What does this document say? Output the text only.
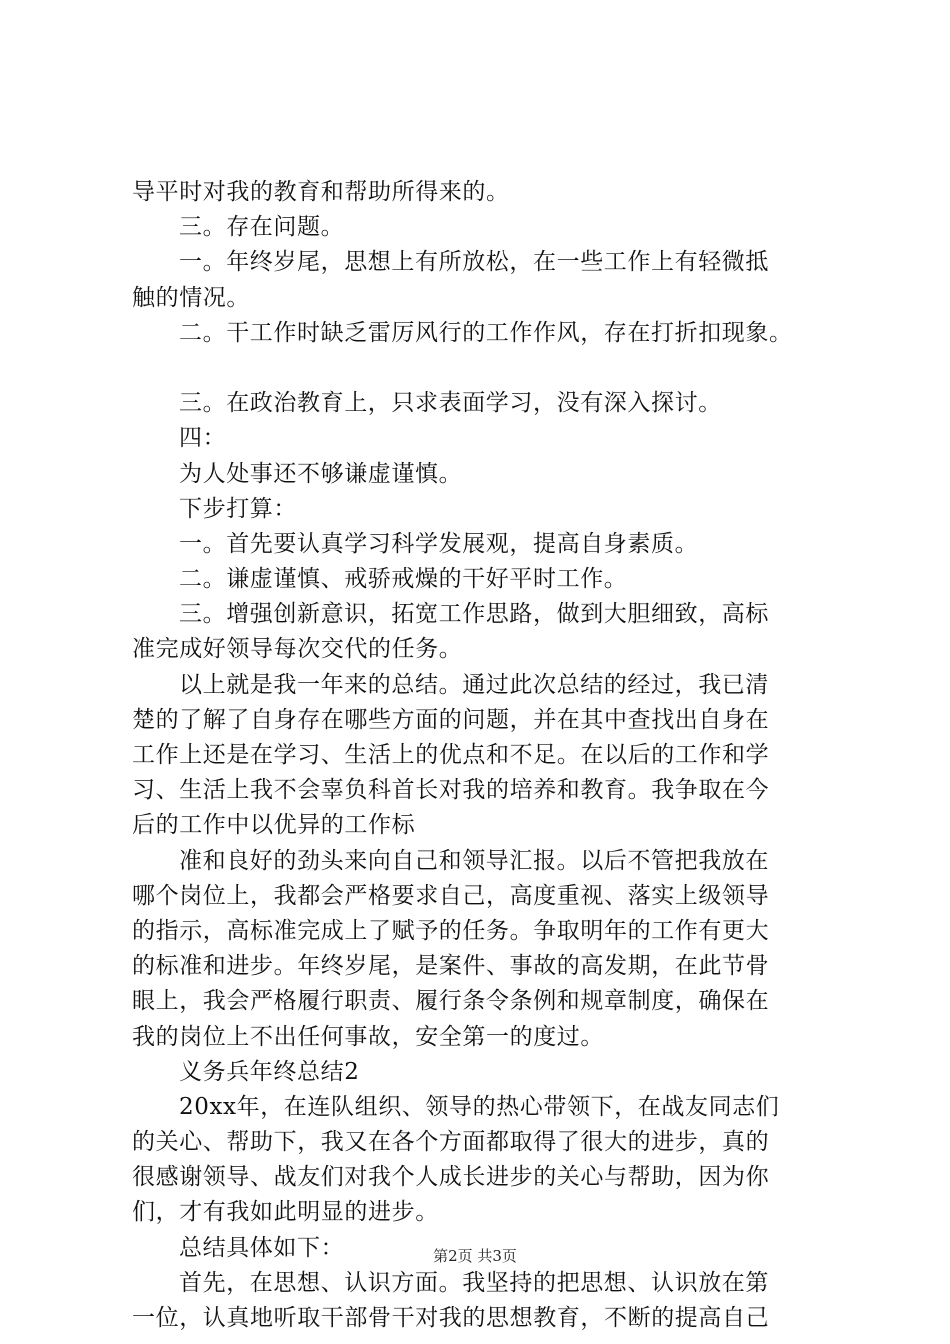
导平时对我的教育和帮助所得来的。
三。存在问题。
一。年终岁尾，思想上有所放松，在一些工作上有轻微抵
触的情况。
二。干工作时缺乏雷厉风行的工作作风，存在打折扣现象。
三。在政治教育上，只求表面学习，没有深入探讨。
四：
为人处事还不够谦虚谨慎。
下步打算：
一。首先要认真学习科学发展观，提高自身素质。
二。谦虚谨慎、戒骄戒燥的干好平时工作。
三。增强创新意识，拓宽工作思路，做到大胆细致，高标
准完成好领导每次交代的任务。
以上就是我一年来的总结。通过此次总结的经过，我已清
楚的了解了自身存在哪些方面的问题，并在其中查找出自身在
工作上还是在学习、生活上的优点和不足。在以后的工作和学
习、生活上我不会辜负科首长对我的培养和教育。我争取在今
后的工作中以优异的工作标
准和良好的劲头来向自己和领导汇报。以后不管把我放在
哪个岗位上，我都会严格要求自己，高度重视、落实上级领导
的指示，高标准完成上了赋予的任务。争取明年的工作有更大
的标准和进步。年终岁尾，是案件、事故的高发期，在此节骨
眼上，我会严格履行职责、履行条令条例和规章制度，确保在
我的岗位上不出任何事故，安全第一的度过。
义务兵年终总结2
20xx年，在连队组织、领导的热心带领下，在战友同志们
的关心、帮助下，我又在各个方面都取得了很大的进步，真的
很感谢领导、战友们对我个人成长进步的关心与帮助，因为你
们，才有我如此明显的进步。
总结具体如下：
首先，在思想、认识方面。我坚持的把思想、认识放在第
一位，认真地听取干部骨干对我的思想教育，不断的提高自己
第2页 共3页
